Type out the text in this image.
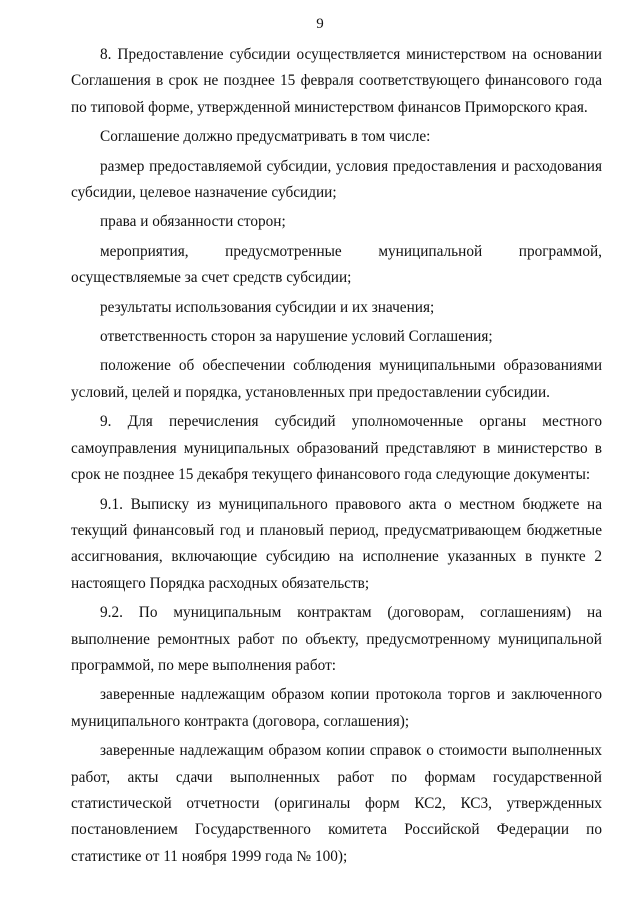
9

8. Предоставление субсидии осуществляется министерством на основании Соглашения в срок не позднее 15 февраля соответствующего финансового года по типовой форме, утвержденной министерством финансов Приморского края.

Соглашение должно предусматривать в том числе:

размер предоставляемой субсидии, условия предоставления и расходования субсидии, целевое назначение субсидии;

права и обязанности сторон;

мероприятия, предусмотренные муниципальной программой, осуществляемые за счет средств субсидии;

результаты использования субсидии и их значения;

ответственность сторон за нарушение условий Соглашения;

положение об обеспечении соблюдения муниципальными образованиями условий, целей и порядка, установленных при предоставлении субсидии.

9. Для перечисления субсидий уполномоченные органы местного самоуправления муниципальных образований представляют в министерство в срок не позднее 15 декабря текущего финансового года следующие документы:

9.1. Выписку из муниципального правового акта о местном бюджете на текущий финансовый год и плановый период, предусматривающем бюджетные ассигнования, включающие субсидию на исполнение указанных в пункте 2 настоящего Порядка расходных обязательств;

9.2. По муниципальным контрактам (договорам, соглашениям) на выполнение ремонтных работ по объекту, предусмотренному муниципальной программой, по мере выполнения работ:

заверенные надлежащим образом копии протокола торгов и заключенного муниципального контракта (договора, соглашения);

заверенные надлежащим образом копии справок о стоимости выполненных работ, акты сдачи выполненных работ по формам государственной статистической отчетности (оригиналы форм КС2, КС3, утвержденных постановлением Государственного комитета Российской Федерации по статистике от 11 ноября 1999 года № 100);
